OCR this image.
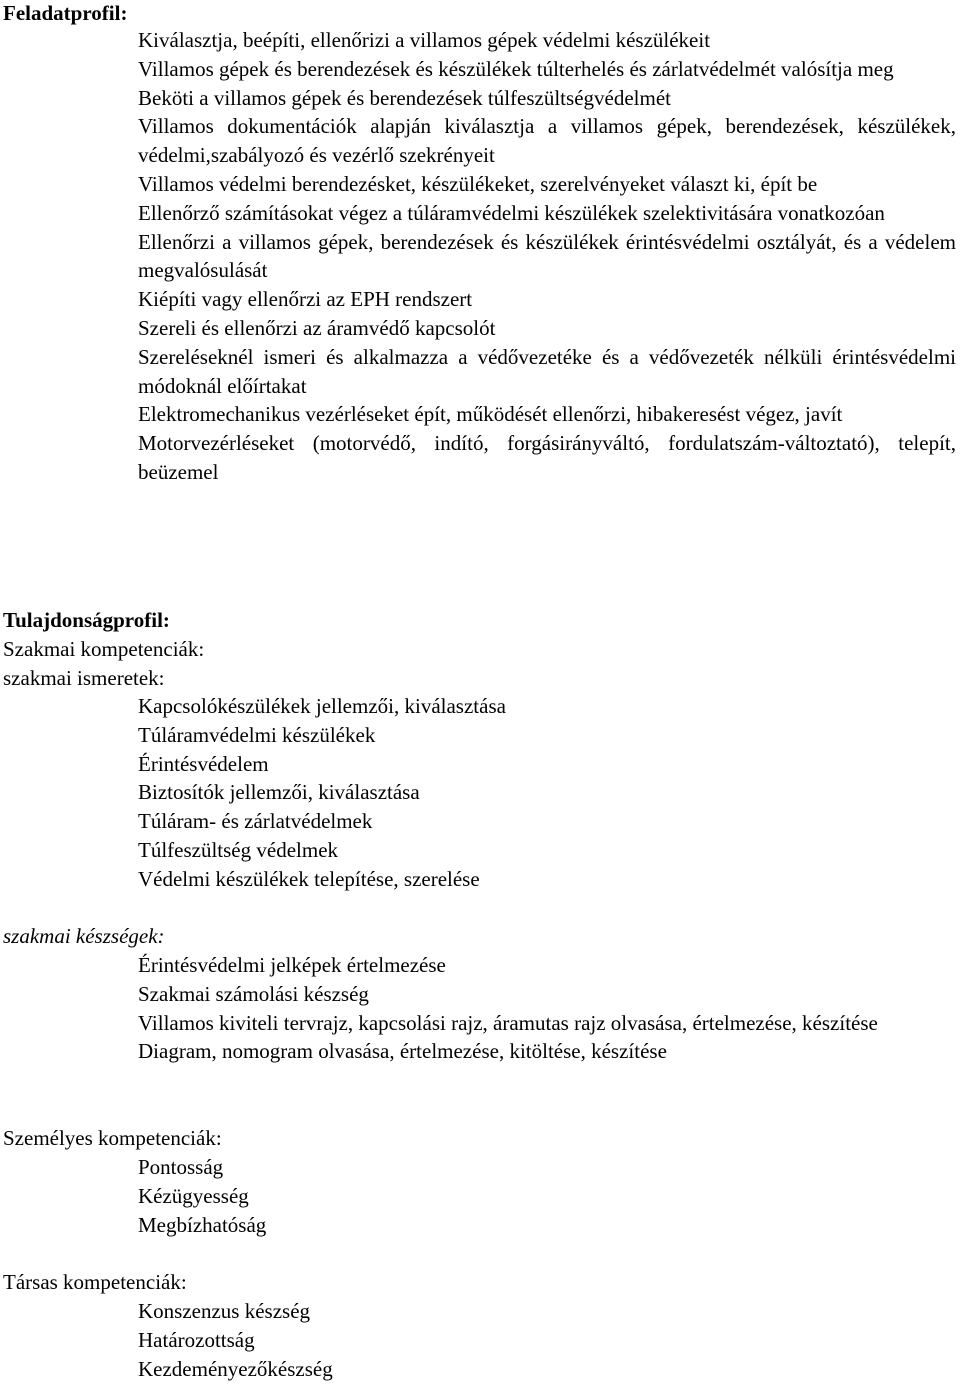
Feladatprofil:

Kiválasztja, beépíti, ellenőrizi a villamos gépek védelmi készülékeit

Villamos gépek és berendezések és készülékek túlterhelés és zárlatvédelmét valósítja meg

Beköti a villamos gépek és berendezések túlfeszültségvédelmét

Villamos dokumentációk alapján kiválasztja a villamos gépek, berendezések, készülékek, védelmi,szabályozó és vezérlő szekrényeit

Villamos védelmi berendezésket, készülékeket, szerelvényeket választ ki, épít be

Ellenőrző számításokat végez a túláramvédelmi készülékek szelektivitására vonatkozóan

Ellenőrzi a villamos gépek, berendezések és készülékek érintésvédelmi osztályát, és a védelem megvalósulását

Kiépíti vagy ellenőrzi az EPH rendszert

Szereli és ellenőrzi az áramvédő kapcsolót

Szereléseknél ismeri és alkalmazza a védővezetéke és a védővezeték nélküli érintésvédelmi módoknál előírtakat

Elektromechanikus vezérléseket épít, működését ellenőrzi, hibakeresést végez, javít

Motorvezérléseket (motorvédő, indító, forgásirányváltó, fordulatszám-változtató), telepít, beüzemel

Tulajdonságprofil:
Szakmai kompetenciák:
szakmai ismeretek:

Kapcsolókészülékek jellemzői, kiválasztása

Túláramvédelmi készülékek

Érintésvédelem

Biztosítók jellemzői, kiválasztása

Túláram- és zárlatvédelmek

Túlfeszültség védelmek

Védelmi készülékek telepítése, szerelése

szakmai készségek:

Érintésvédelmi jelképek értelmezése

Szakmai számolási készség

Villamos kiviteli tervrajz, kapcsolási rajz, áramutas rajz olvasása, értelmezése, készítése

Diagram, nomogram olvasása, értelmezése, kitöltése, készítése

Személyes kompetenciák:

Pontosság

Kézügyesség

Megbízhatóság

Társas kompetenciák:

Konszenzus készség

Határozottság

Kezdeményezőkészség
